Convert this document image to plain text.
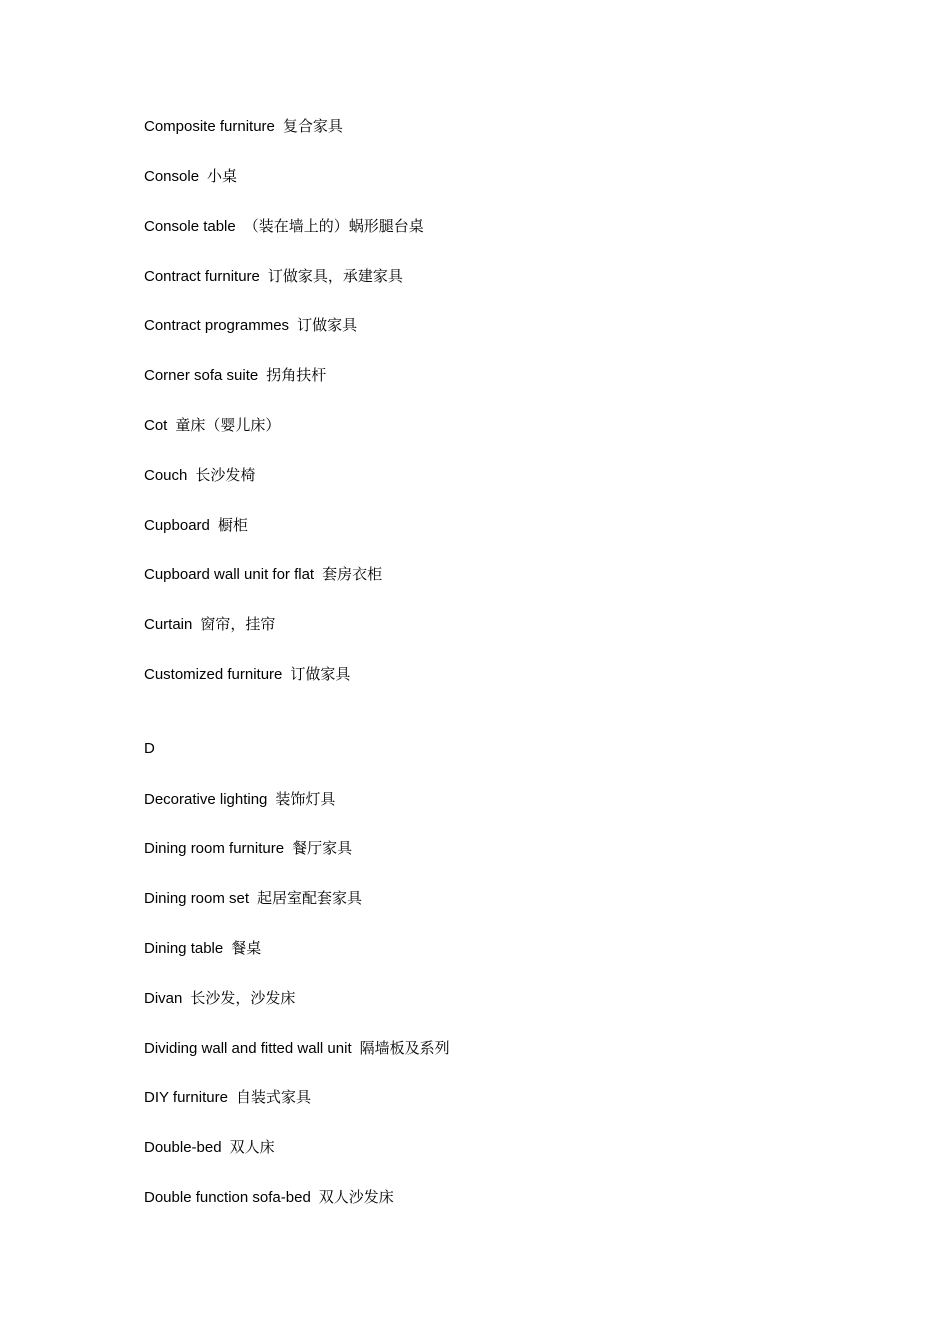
Composite furniture 复合家具
Console 小桌
Console table （装在墙上的）蜗形腿台桌
Contract furniture 订做家具，承建家具
Contract programmes 订做家具
Corner sofa suite 拐角扶杆
Cot 童床（婴儿床）
Couch 长沙发椅
Cupboard 橱柜
Cupboard wall unit for flat 套房衣柜
Curtain 窗帘，挂帘
Customized furniture 订做家具
D
Decorative lighting 装饰灯具
Dining room furniture 餐厅家具
Dining room set 起居室配套家具
Dining table 餐桌
Divan 长沙发，沙发床
Dividing wall and fitted wall unit 隔墙板及系列
DIY furniture 自装式家具
Double-bed 双人床
Double function sofa-bed 双人沙发床
